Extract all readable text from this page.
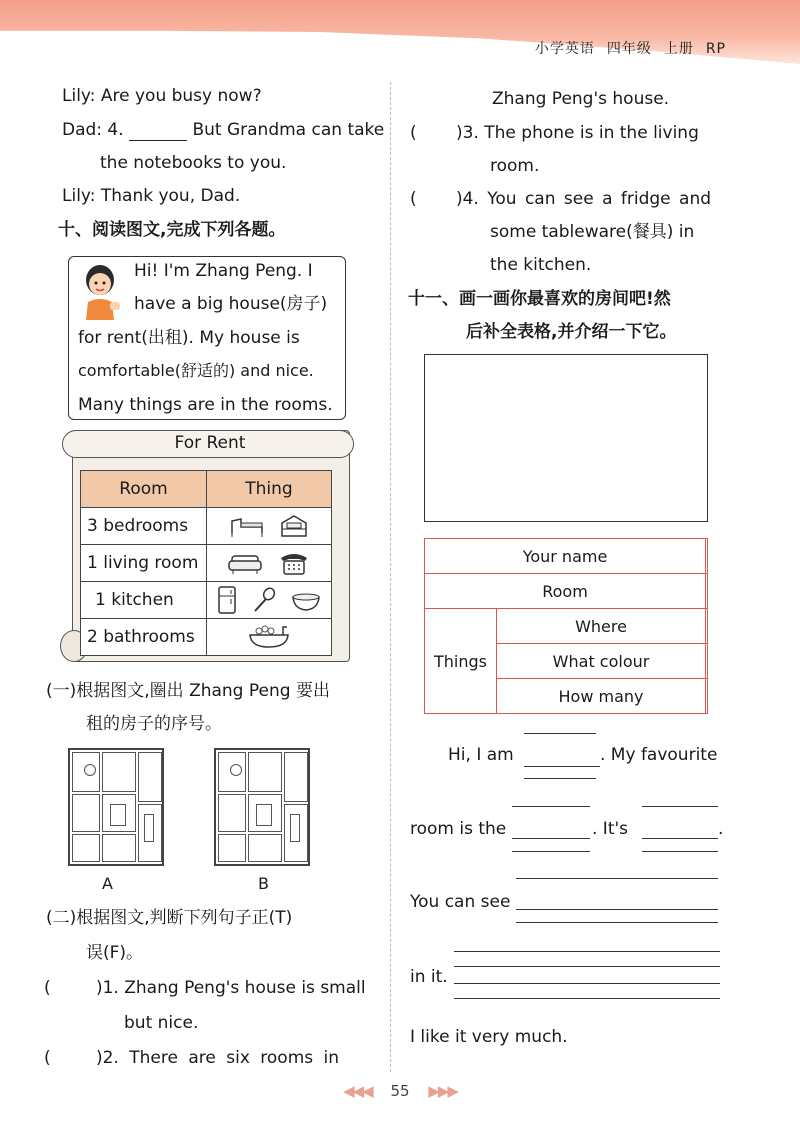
小学英语 四年级 上册 RP
Lily: Are you busy now?
Dad: 4.	But Grandma can take
the notebooks to you.
Lily: Thank you, Dad.
十、阅读图文,完成下列各题。
Hi! I'm Zhang Peng. I
have a big house(房子)
for rent(出租). My house is
comfortable(舒适的) and nice.
Many things are in the rooms.
For Rent
Room	Thing
3 bedrooms	
1 living room	
1 kitchen	
2 bathrooms	
(一)根据图文,圈出 Zhang Peng 要出
租的房子的序号。
A	B
(二)根据图文,判断下列句子正(T)
误(F)。
(	)1. Zhang Peng's house is small
but nice.
(	)2. There are six rooms in
Zhang Peng's house.
( )3. The phone is in the living
room.
( )4. You can see a fridge and
some tableware(餐具) in
the kitchen.
十一、画一画你最喜欢的房间吧!然
后补全表格,并介绍一下它。
Your name		
Room		
Things	Where	
	What colour	
	How many	
Hi, I am	. My favourite
room is the	. It's	.
You can see
in it.
I like it very much.
◀◀◀ 55 ▶▶▶
